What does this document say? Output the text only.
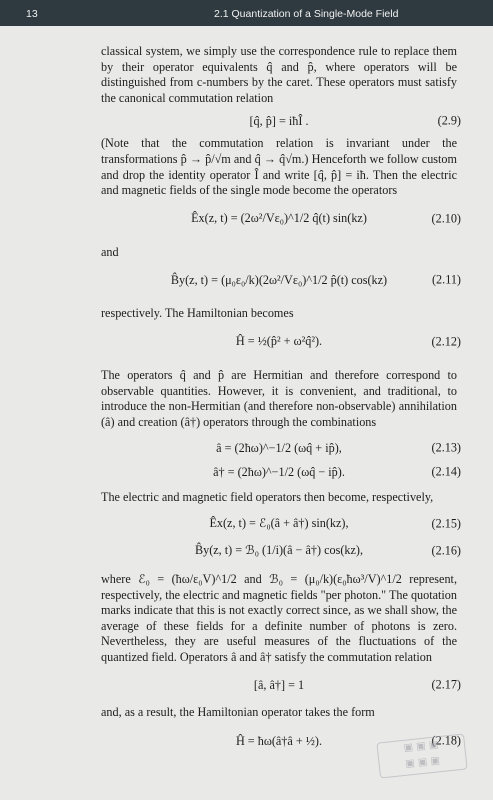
13	2.1 Quantization of a Single-Mode Field

classical system, we simply use the correspondence rule to replace them by their operator equivalents q̂ and p̂, where operators will be distinguished from c-numbers by the caret. These operators must satisfy the canonical commutation relation

[q̂, p̂] = iħÎ .	(2.9)

(Note that the commutation relation is invariant under the transformations p̂ → p̂/√m and q̂ → q̂√m.) Henceforth we follow custom and drop the identity operator Î and write [q̂, p̂] = iħ. Then the electric and magnetic fields of the single mode become the operators

Êx(z, t) = (2ω²/Vε₀)^1/2 q̂(t) sin(kz)	(2.10)

and

B̂y(z, t) = (μ₀ε₀/k)(2ω²/Vε₀)^1/2 p̂(t) cos(kz)	(2.11)

respectively. The Hamiltonian becomes

Ĥ = ½(p̂² + ω²q̂²).	(2.12)

The operators q̂ and p̂ are Hermitian and therefore correspond to observable quantities. However, it is convenient, and traditional, to introduce the non-Hermitian (and therefore non-observable) annihilation (â) and creation (â†) operators through the combinations

â = (2ħω)^−1/2 (ωq̂ + ip̂),	(2.13)
â† = (2ħω)^−1/2 (ωq̂ − ip̂).	(2.14)

The electric and magnetic field operators then become, respectively,

Êx(z, t) = ℰ₀(â + â†) sin(kz),	(2.15)
B̂y(z, t) = ℬ₀ (1/i)(â − â†) cos(kz),	(2.16)

where ℰ₀ = (ħω/ε₀V)^1/2 and ℬ₀ = (μ₀/k)(ε₀ħω³/V)^1/2 represent, respectively, the electric and magnetic fields "per photon." The quotation marks indicate that this is not exactly correct since, as we shall show, the average of these fields for a definite number of photons is zero. Nevertheless, they are useful measures of the fluctuations of the quantized field. Operators â and â† satisfy the commutation relation

[â, â†] = 1	(2.17)

and, as a result, the Hamiltonian operator takes the form

Ĥ = ħω(â†â + ½).	(2.18)
▣ ▣ ▣
▣ ▣ ▣
